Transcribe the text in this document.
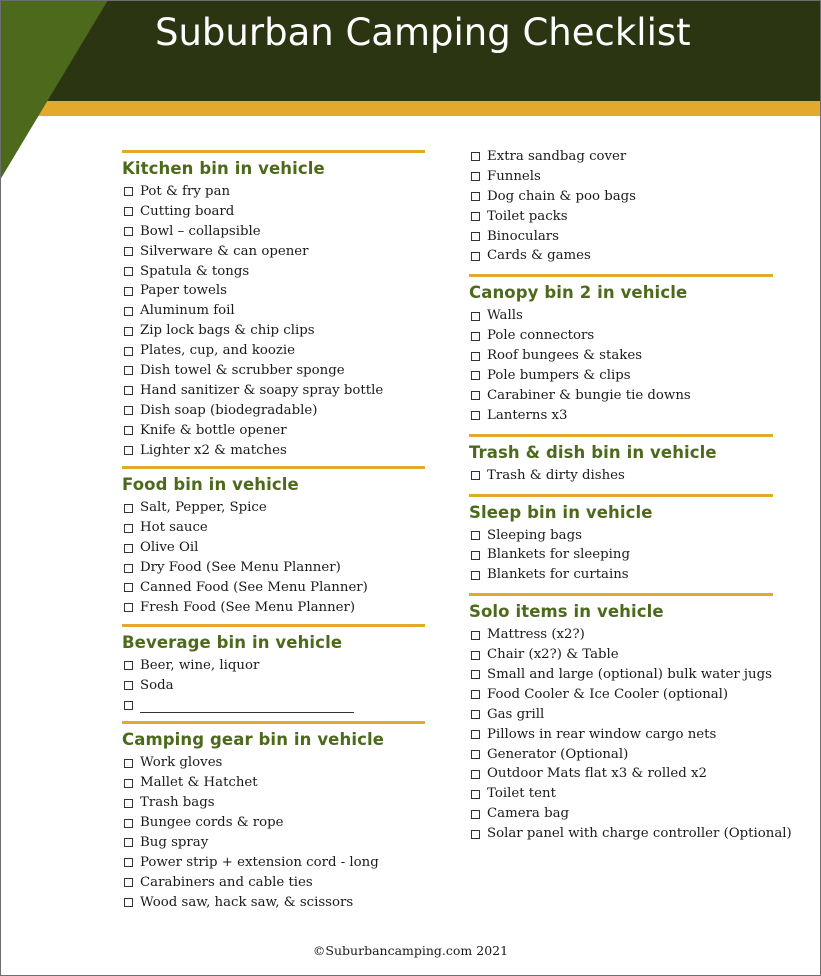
Suburban Camping Checklist
Kitchen bin in vehicle
Pot & fry pan
Cutting board
Bowl – collapsible
Silverware & can opener
Spatula & tongs
Paper towels
Aluminum foil
Zip lock bags & chip clips
Plates, cup, and koozie
Dish towel & scrubber sponge
Hand sanitizer & soapy spray bottle
Dish soap (biodegradable)
Knife & bottle opener
Lighter x2 & matches
Food bin in vehicle
Salt, Pepper, Spice
Hot sauce
Olive Oil
Dry Food (See Menu Planner)
Canned Food (See Menu Planner)
Fresh Food (See Menu Planner)
Beverage bin in vehicle
Beer, wine, liquor
Soda
Camping gear bin in vehicle
Work gloves
Mallet & Hatchet
Trash bags
Bungee cords & rope
Bug spray
Power strip + extension cord - long
Carabiners and cable ties
Wood saw, hack saw, & scissors
Extra sandbag cover
Funnels
Dog chain & poo bags
Toilet packs
Binoculars
Cards & games
Canopy bin 2 in vehicle
Walls
Pole connectors
Roof bungees & stakes
Pole bumpers & clips
Carabiner & bungie tie downs
Lanterns x3
Trash & dish bin in vehicle
Trash & dirty dishes
Sleep bin in vehicle
Sleeping bags
Blankets for sleeping
Blankets for curtains
Solo items in vehicle
Mattress (x2?)
Chair (x2?) & Table
Small and large (optional) bulk water jugs
Food Cooler & Ice Cooler (optional)
Gas grill
Pillows in rear window cargo nets
Generator (Optional)
Outdoor Mats flat x3 & rolled x2
Toilet tent
Camera bag
Solar panel with charge controller (Optional)
©Suburbancamping.com 2021
